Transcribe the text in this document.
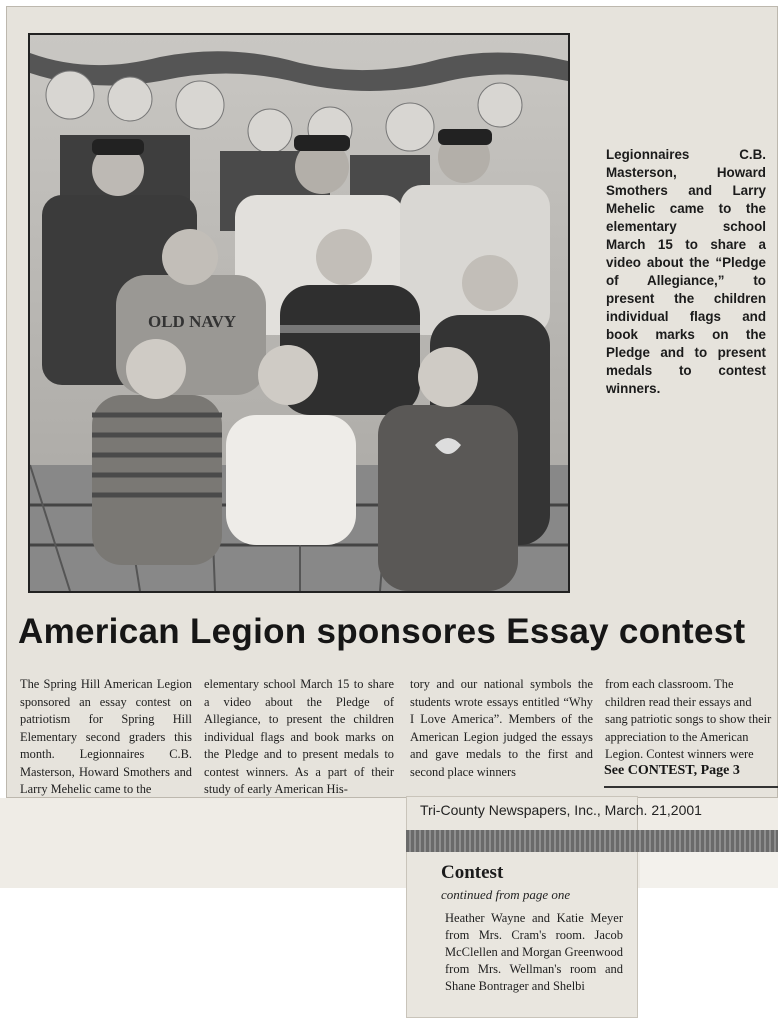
OLD NAVY
Legionnaires C.B. Masterson, Howard Smothers and Larry Mehelic came to the elementary school March 15 to share a video about the “Pledge of Allegiance,” to present the children individual flags and book marks on the Pledge and to present medals to contest winners.
American Legion sponsores Essay contest
The Spring Hill American Legion sponsored an essay contest on patriotism for Spring Hill Elementary second graders this month. Legionnaires C.B. Masterson, Howard Smothers and Larry Mehelic came to the
elementary school March 15 to share a video about the Pledge of Allegiance, to present the children individual flags and book marks on the Pledge and to present medals to contest winners. As a part of their study of early American His-
tory and our national symbols the students wrote essays entitled “Why I Love America”. Members of the American Legion judged the essays and gave medals to the first and second place winners
from each classroom. The
children read their essays and
sang patriotic songs to show their
appreciation to the American
Legion. Contest winners were
See CONTEST, Page 3
Tri-County Newspapers, Inc., March. 21,2001
Contest
continued from page one
Heather Wayne and Katie Meyer from Mrs. Cram's room. Jacob McClellen and Morgan Greenwood from Mrs. Wellman's room and Shane Bontrager and Shelbi
